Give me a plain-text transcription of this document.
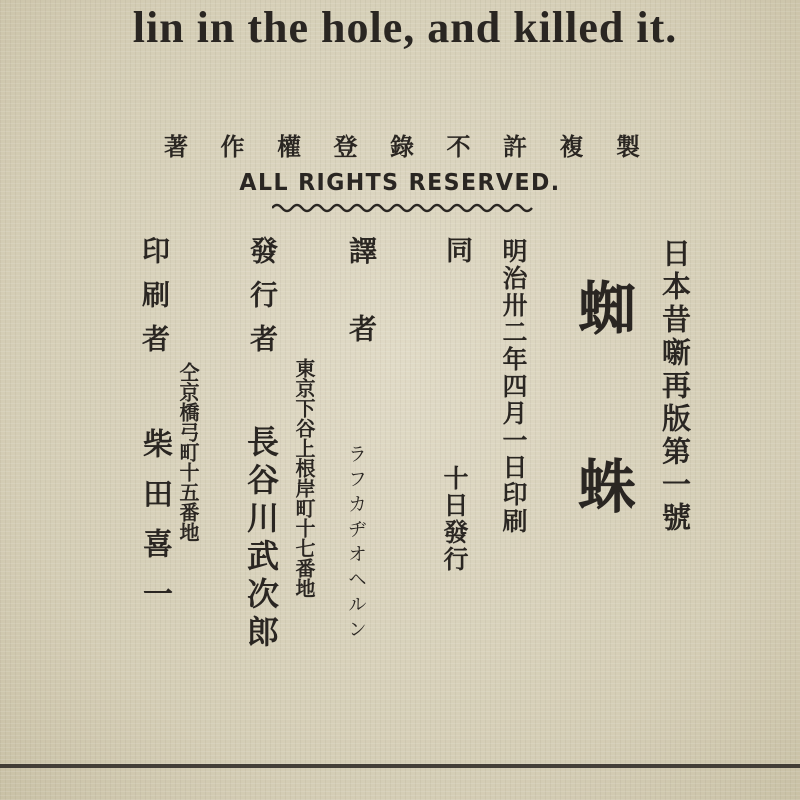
lin in the hole, and killed it.
著 作 權 登 錄 不 許 複 製
ALL RIGHTS RESERVED.
日本昔噺再版第一號
蜘蛛
明治卅二年四月一日印刷
同
十日發行
譯者
ラフカヂオヘルン
東京下谷上根岸町十七番地
發行者
長谷川武次郎
仝京橋弓町十五番地
印刷者
柴田喜一
